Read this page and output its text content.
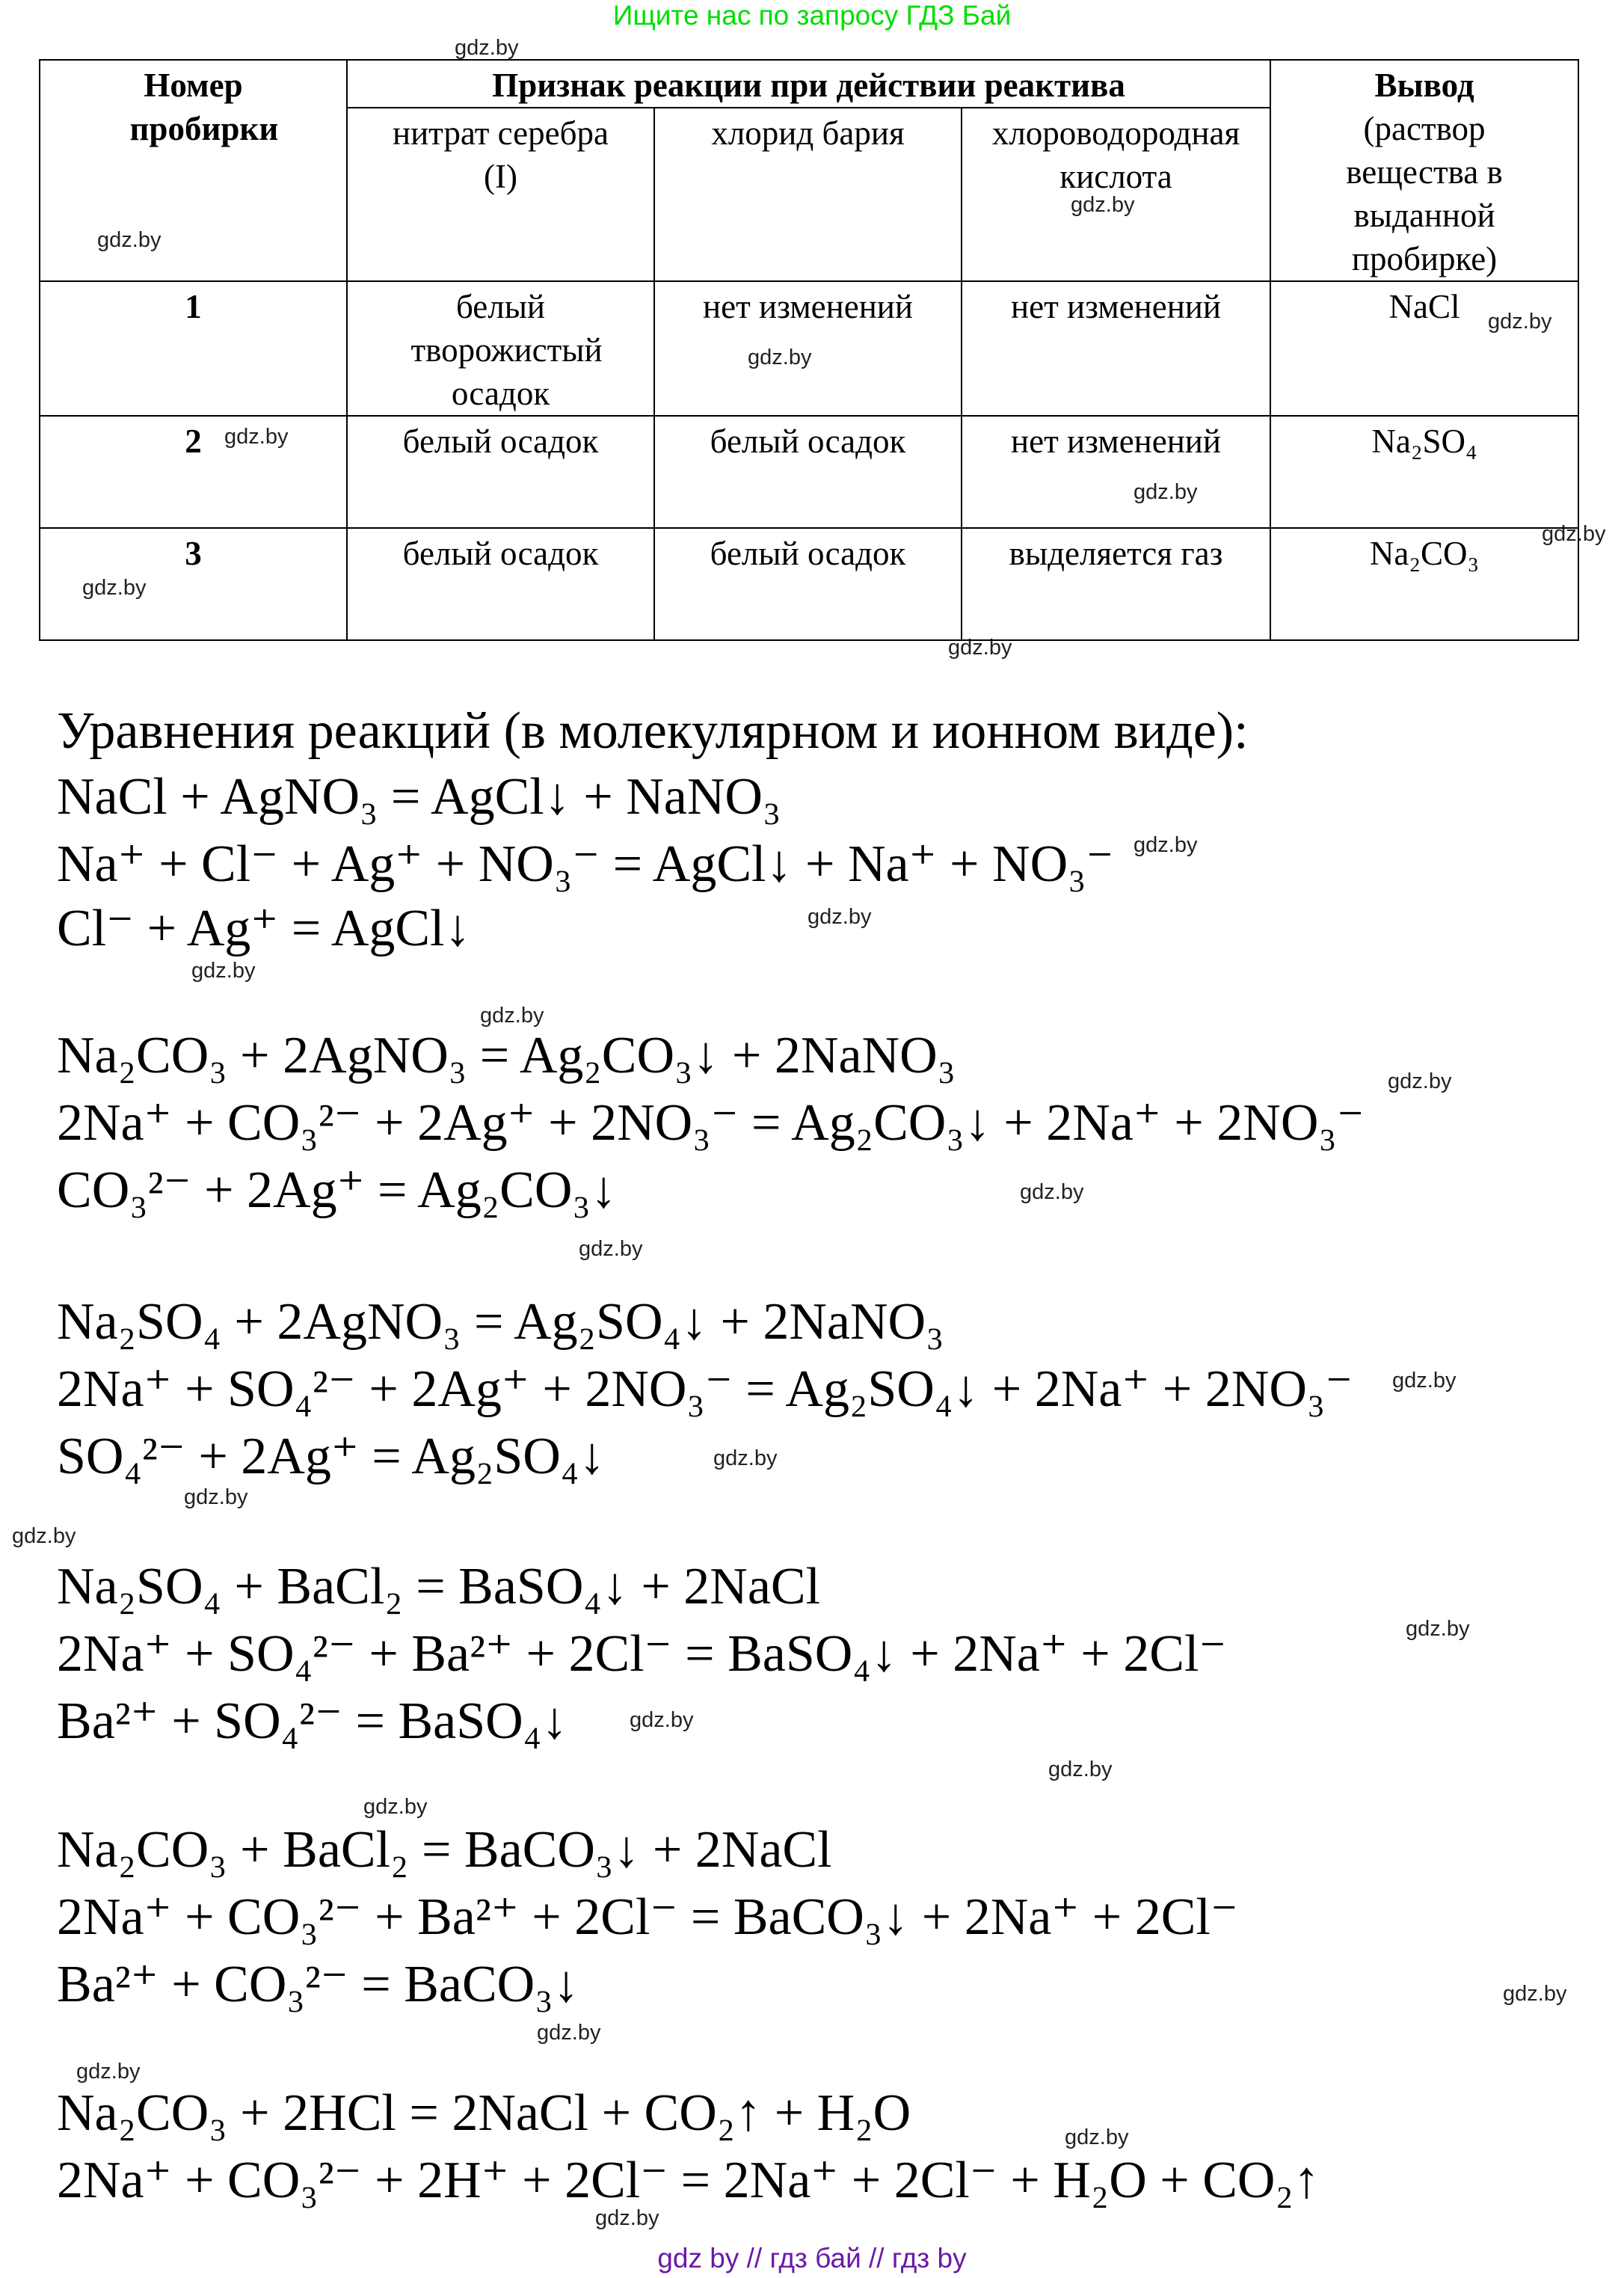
Ищите нас по запросу ГДЗ Бай
gdz.by
gdz.by
gdz.by
gdz.by
gdz.by
gdz.by
gdz.by
gdz.by
gdz.by
gdz.by
gdz.by
gdz.by
gdz.by
gdz.by
gdz.by
gdz.by
gdz.by
gdz.by
gdz.by
gdz.by
gdz.by
gdz.by
gdz.by
gdz.by
gdz.by
gdz.by
gdz.by
gdz.by
gdz.by
gdz.by
Номер пробирки	Признак реакции при действии реактива			Вывод
(раствор вещества в выданной пробирке)

	нитрат серебра (I)	хлорид бария	хлороводородная кислота	

1	белый творожистый осадок	нет изменений	нет изменений	NaCl
2	белый осадок	белый осадок	нет изменений	Na₂SO₄
3	белый осадок	белый осадок	выделяется газ	Na₂CO₃
Уравнения реакций (в молекулярном и ионном виде):
NaCl + AgNO₃ = AgCl↓ + NaNO₃
Na⁺ + Cl⁻ + Ag⁺ + NO₃⁻ = AgCl↓ + Na⁺ + NO₃⁻
Cl⁻ + Ag⁺ = AgCl↓
Na₂CO₃ + 2AgNO₃ = Ag₂CO₃↓ + 2NaNO₃
2Na⁺ + CO₃²⁻ + 2Ag⁺ + 2NO₃⁻ = Ag₂CO₃↓ + 2Na⁺ + 2NO₃⁻
CO₃²⁻ + 2Ag⁺ = Ag₂CO₃↓
Na₂SO₄ + 2AgNO₃ = Ag₂SO₄↓ + 2NaNO₃
2Na⁺ + SO₄²⁻ + 2Ag⁺ + 2NO₃⁻ = Ag₂SO₄↓ + 2Na⁺ + 2NO₃⁻
SO₄²⁻ + 2Ag⁺ = Ag₂SO₄↓
Na₂SO₄ + BaCl₂ = BaSO₄↓ + 2NaCl
2Na⁺ + SO₄²⁻ + Ba²⁺ + 2Cl⁻ = BaSO₄↓ + 2Na⁺ + 2Cl⁻
Ba²⁺ + SO₄²⁻ = BaSO₄↓
Na₂CO₃ + BaCl₂ = BaCO₃↓ + 2NaCl
2Na⁺ + CO₃²⁻ + Ba²⁺ + 2Cl⁻ = BaCO₃↓ + 2Na⁺ + 2Cl⁻
Ba²⁺ + CO₃²⁻ = BaCO₃↓
Na₂CO₃ + 2HCl = 2NaCl + CO₂↑ + H₂O
2Na⁺ + CO₃²⁻ + 2H⁺ + 2Cl⁻ = 2Na⁺ + 2Cl⁻ + H₂O + CO₂↑
gdz by // гдз бай // гдз by
